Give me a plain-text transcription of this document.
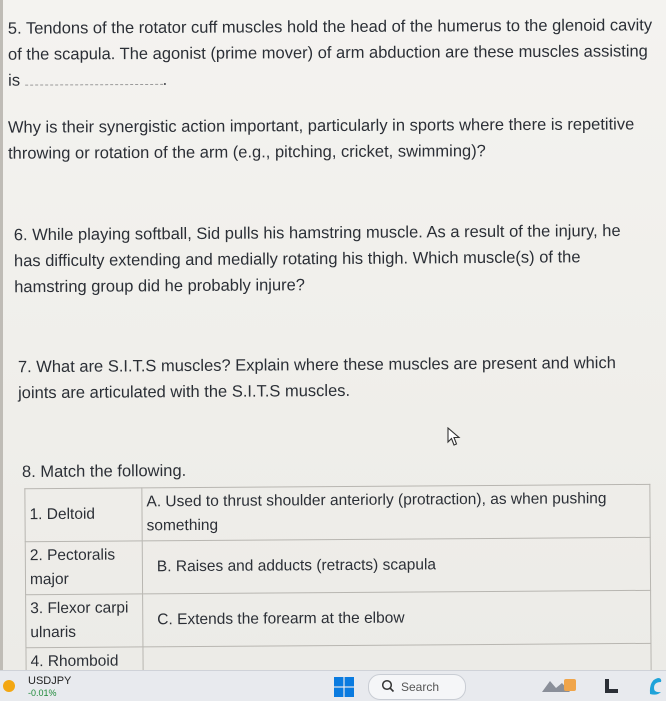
5. Tendons of the rotator cuff muscles hold the head of the humerus to the glenoid cavity of the scapula. The agonist (prime mover) of arm abduction are these muscles assisting is	.
Why is their synergistic action important, particularly in sports where there is repetitive throwing or rotation of the arm (e.g., pitching, cricket, swimming)?
6. While playing softball, Sid pulls his hamstring muscle. As a result of the injury, he has difficulty extending and medially rotating his thigh. Which muscle(s) of the hamstring group did he probably injure?
7. What are S.I.T.S muscles? Explain where these muscles are present and which joints are articulated with the S.I.T.S muscles.
8. Match the following.
1. Deltoid	A. Used to thrust shoulder anteriorly (protraction), as when pushing something
2. Pectoralis major	B. Raises and adducts (retracts) scapula
3. Flexor carpi ulnaris	C. Extends the forearm at the elbow
4. Rhomboid	
USDJPY
-0.01%	Search
